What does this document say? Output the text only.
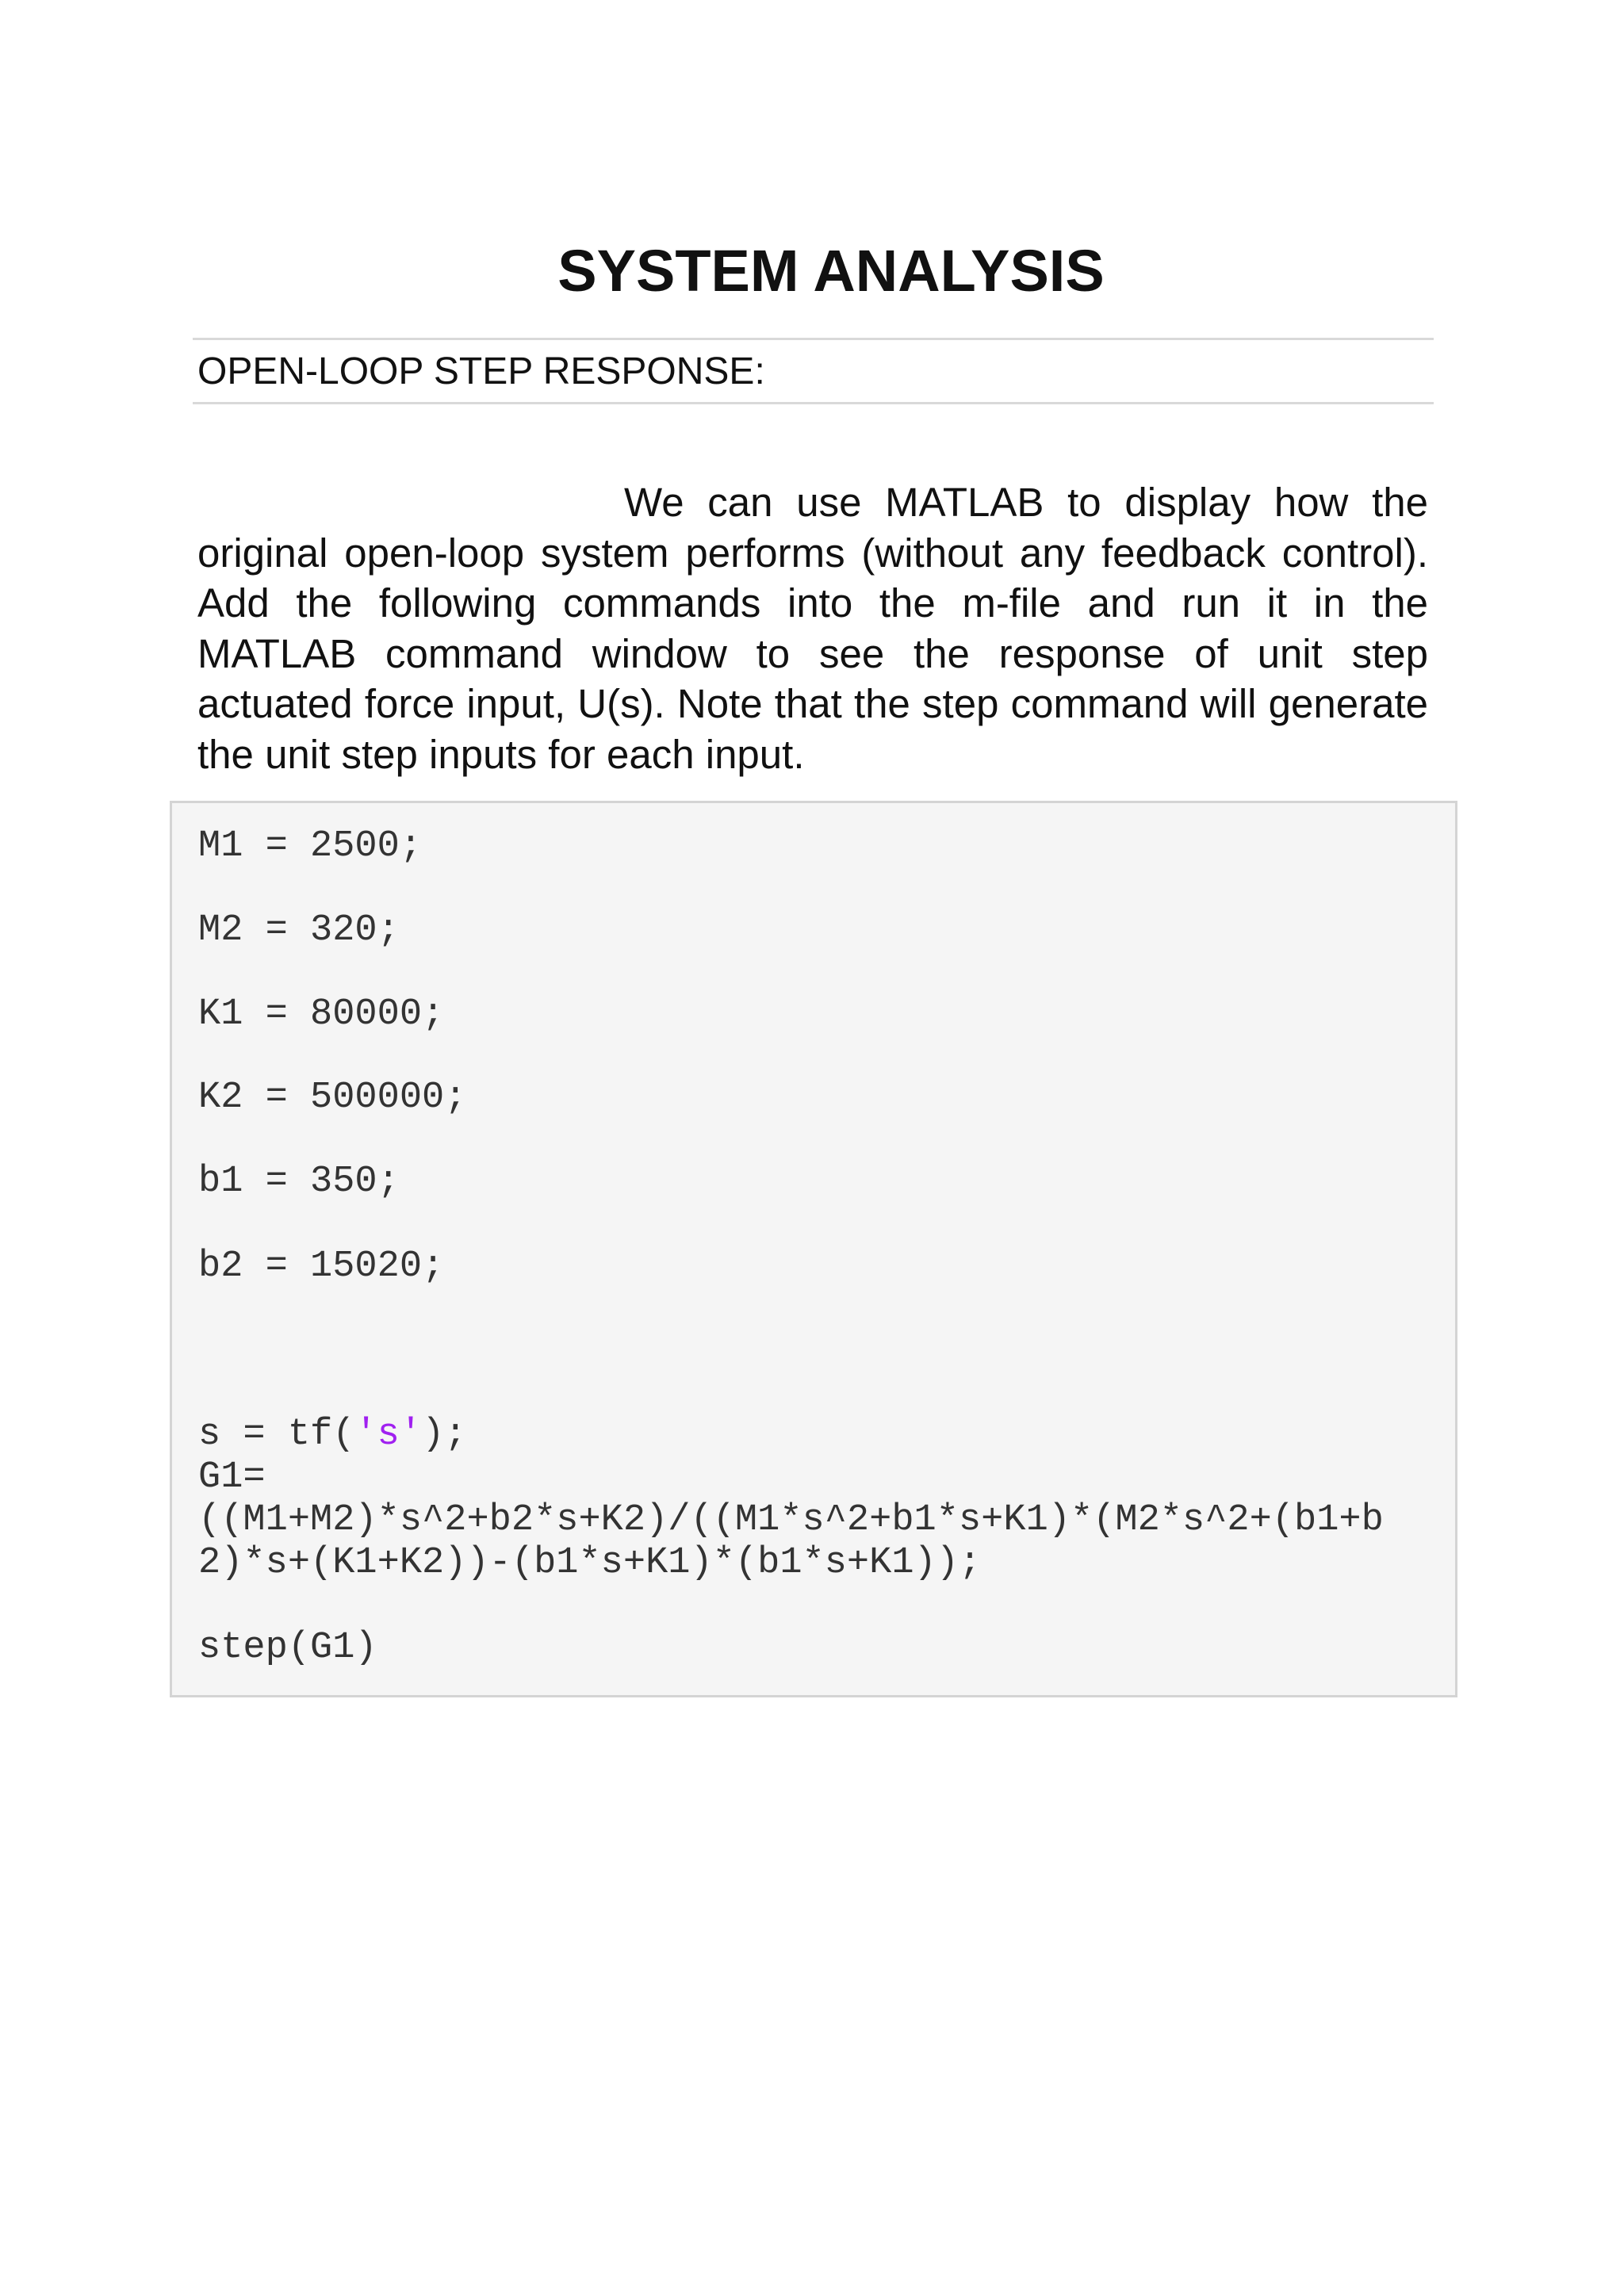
SYSTEM ANALYSIS
OPEN-LOOP STEP RESPONSE:

We can use MATLAB to display how the original open-loop system performs (without any feedback control). Add the following commands into the m-file and run it in the MATLAB command window to see the response of unit step actuated force input, U(s). Note that the step command will generate the unit step inputs for each input.

M1 = 2500;
M2 = 320;
K1 = 80000;
K2 = 500000;
b1 = 350;
b2 = 15020;
s = tf('s');
G1=
((M1+M2)*s^2+b2*s+K2)/((M1*s^2+b1*s+K1)*(M2*s^2+(b1+b
2)*s+(K1+K2))-(b1*s+K1)*(b1*s+K1));
step(G1)
